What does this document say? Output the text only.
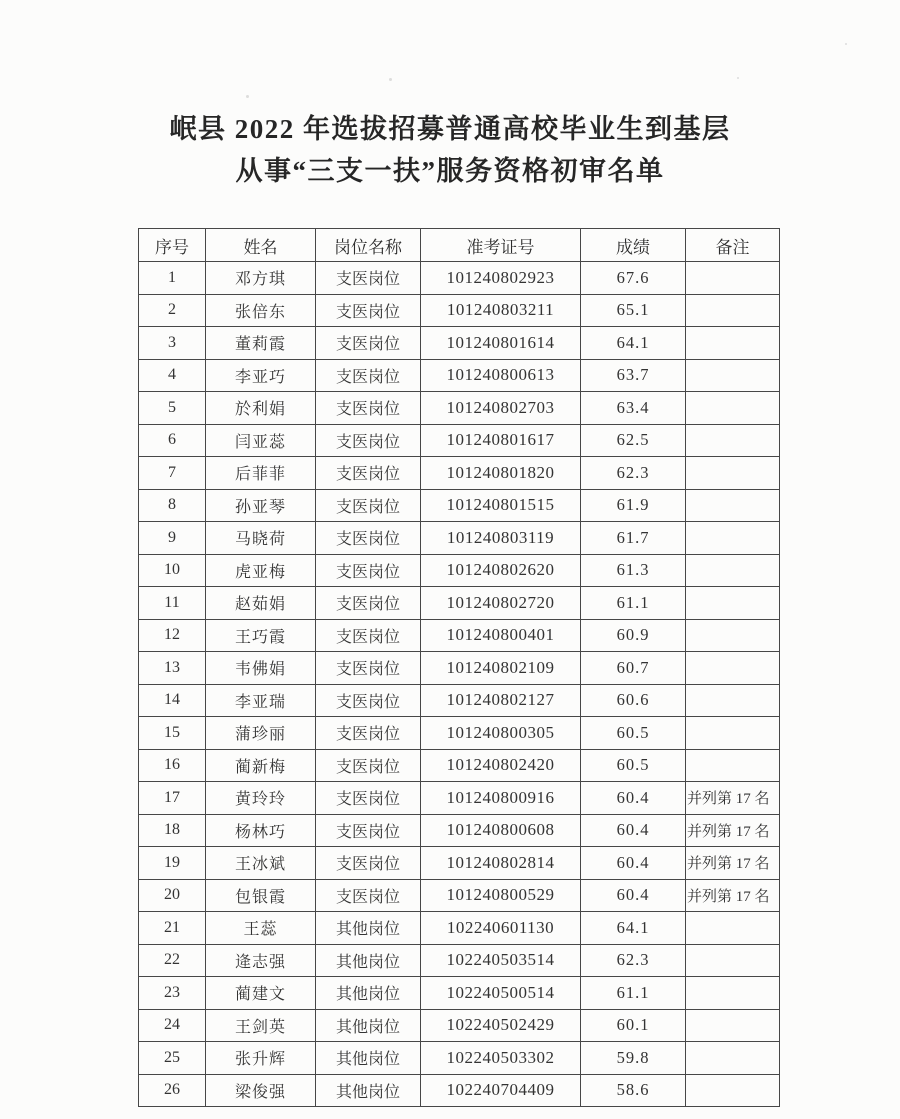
岷县 2022 年选拔招募普通高校毕业生到基层
从事“三支一扶”服务资格初审名单
序号	姓名	岗位名称	准考证号	成绩	备注
1	邓方琪	支医岗位	101240802923	67.6	
2	张倍东	支医岗位	101240803211	65.1	
3	董莉霞	支医岗位	101240801614	64.1	
4	李亚巧	支医岗位	101240800613	63.7	
5	於利娟	支医岗位	101240802703	63.4	
6	闫亚蕊	支医岗位	101240801617	62.5	
7	后菲菲	支医岗位	101240801820	62.3	
8	孙亚琴	支医岗位	101240801515	61.9	
9	马晓荷	支医岗位	101240803119	61.7	
10	虎亚梅	支医岗位	101240802620	61.3	
11	赵茹娟	支医岗位	101240802720	61.1	
12	王巧霞	支医岗位	101240800401	60.9	
13	韦佛娟	支医岗位	101240802109	60.7	
14	李亚瑞	支医岗位	101240802127	60.6	
15	蒲珍丽	支医岗位	101240800305	60.5	
16	蔺新梅	支医岗位	101240802420	60.5	
17	黄玲玲	支医岗位	101240800916	60.4	并列第 17 名
18	杨林巧	支医岗位	101240800608	60.4	并列第 17 名
19	王冰斌	支医岗位	101240802814	60.4	并列第 17 名
20	包银霞	支医岗位	101240800529	60.4	并列第 17 名
21	王蕊	其他岗位	102240601130	64.1	
22	逄志强	其他岗位	102240503514	62.3	
23	蔺建文	其他岗位	102240500514	61.1	
24	王剑英	其他岗位	102240502429	60.1	
25	张升辉	其他岗位	102240503302	59.8	
26	梁俊强	其他岗位	102240704409	58.6	
